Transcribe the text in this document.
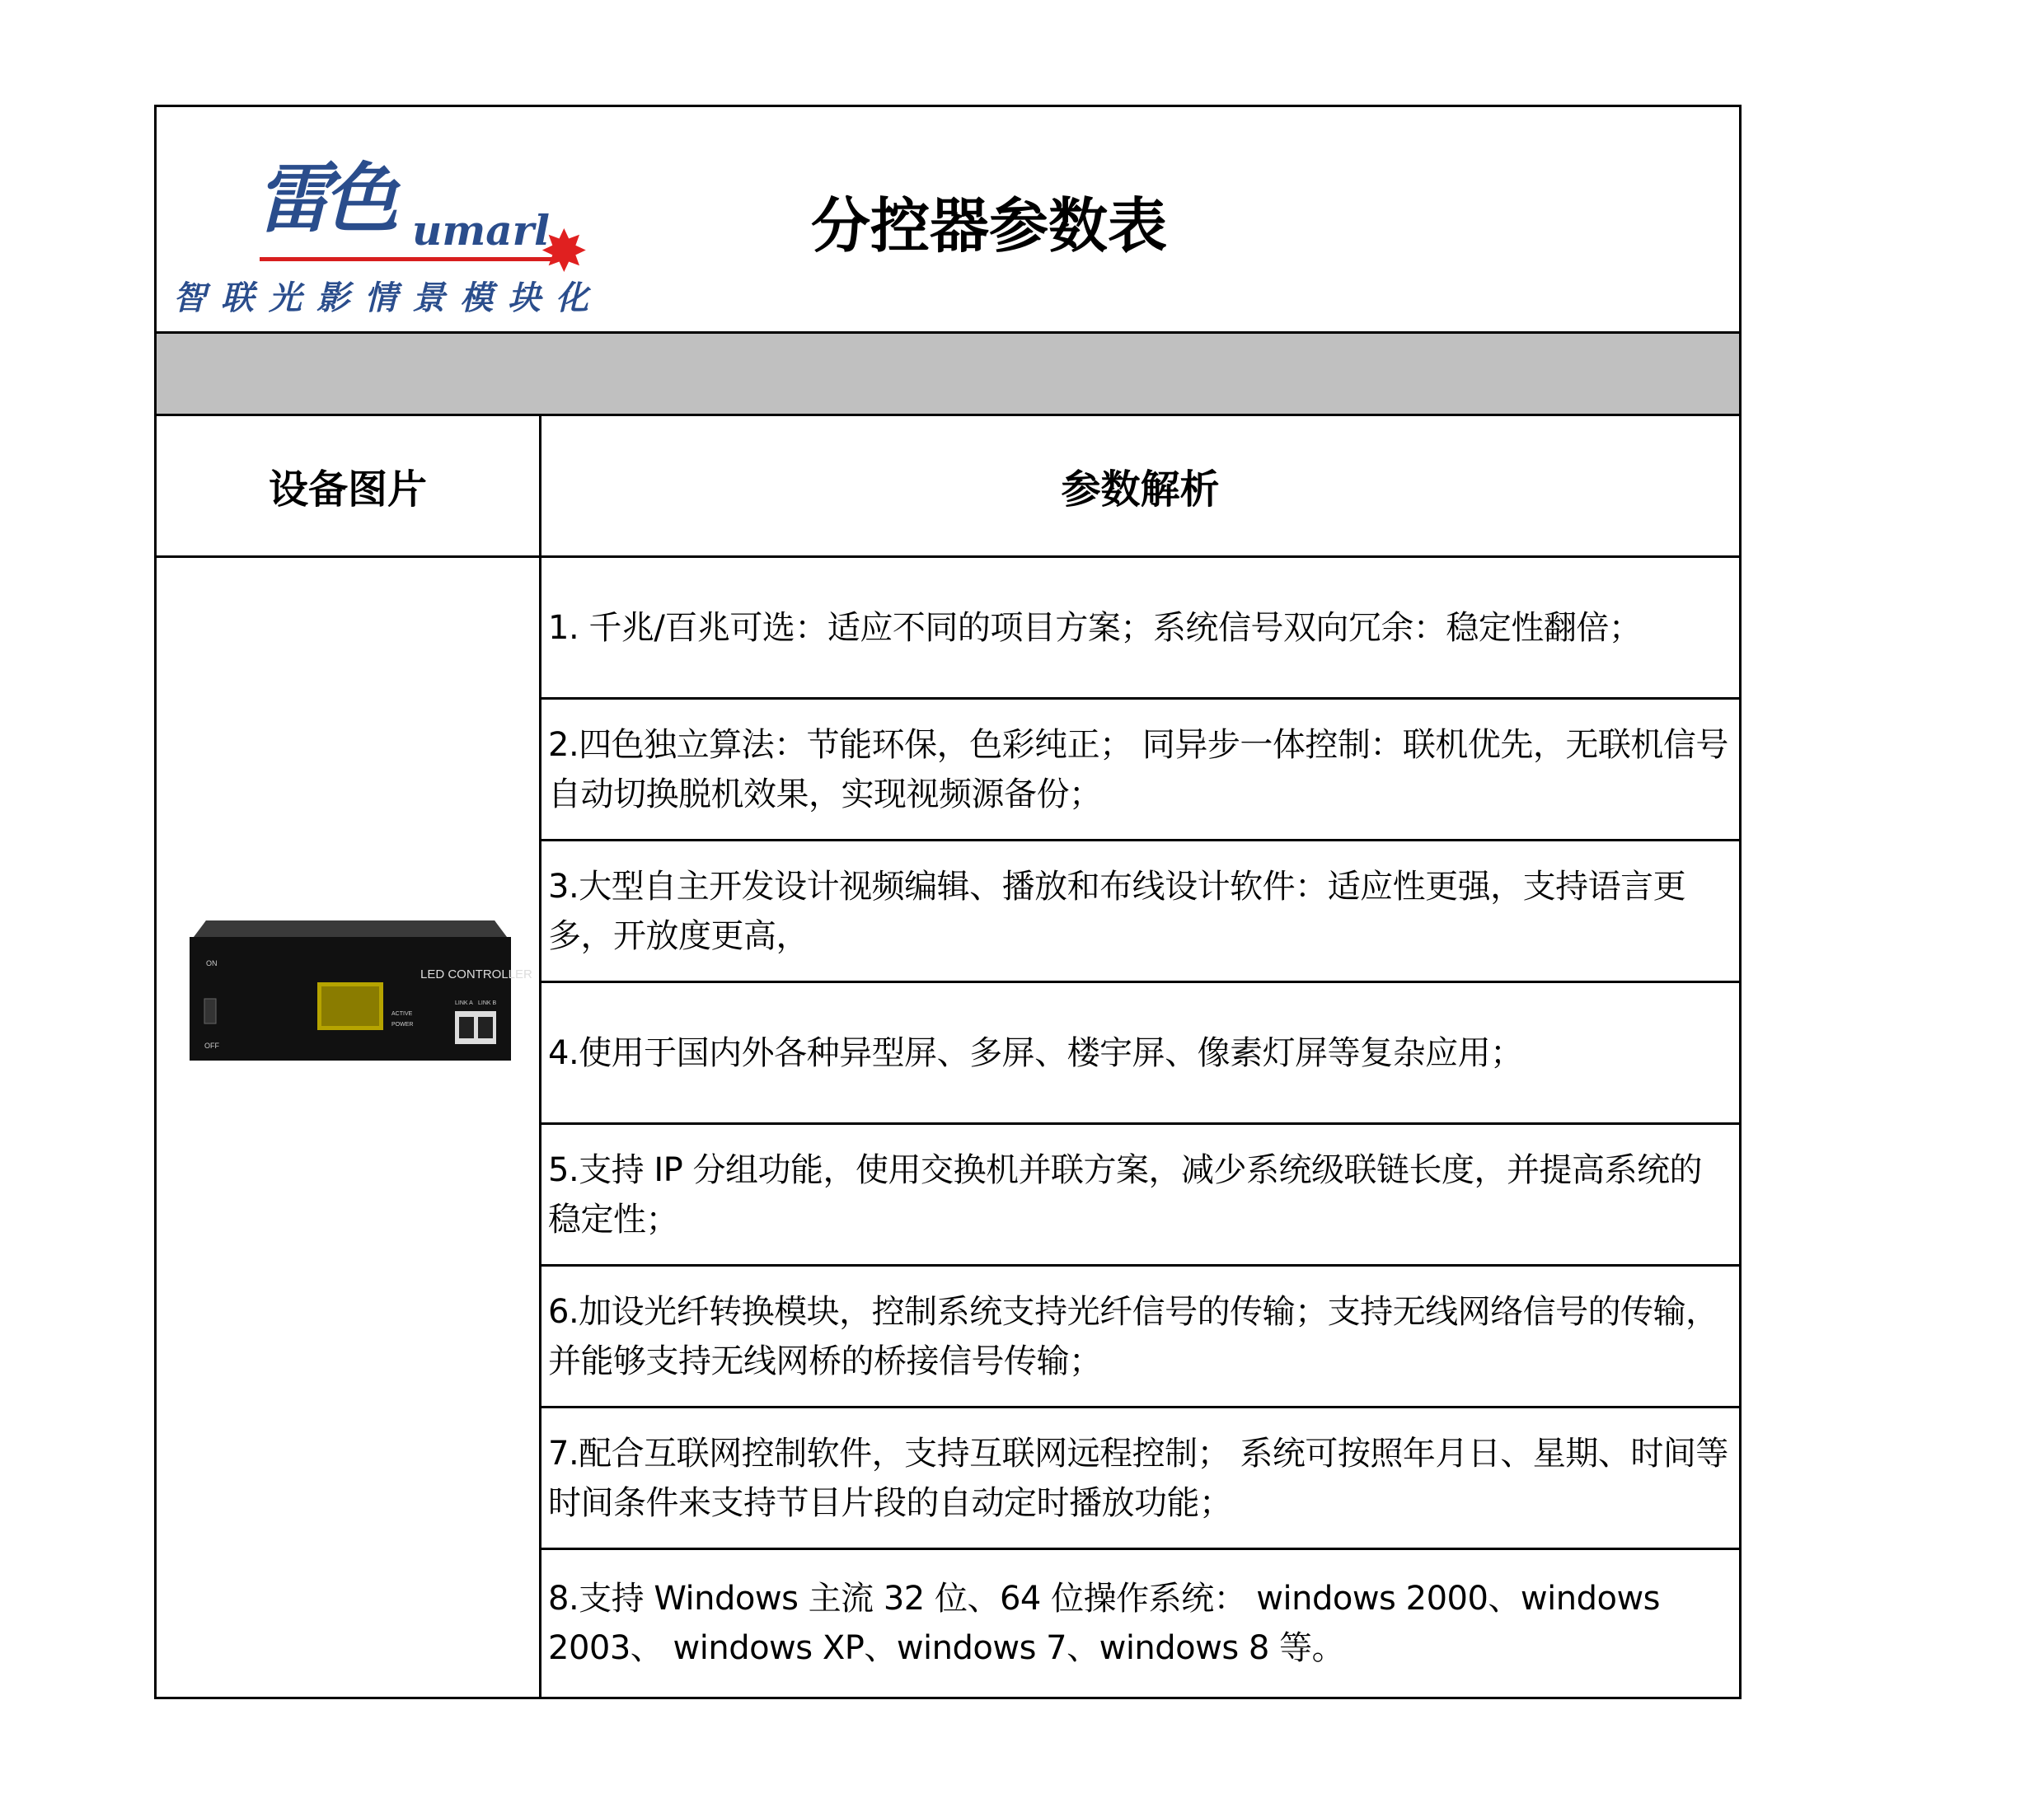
雷色 umarl
✸
智联光影情景模块化
分控器参数表
设备图片	参数解析
LED CONTROLLER
ON
OFF
ACTIVE
POWER
LINK A LINK B
1. 千兆/百兆可选：适应不同的项目方案；系统信号双向冗余：稳定性翻倍；
2.四色独立算法：节能环保，色彩纯正； 同异步一体控制：联机优先，无联机信号自动切换脱机效果，实现视频源备份；
3.大型自主开发设计视频编辑、播放和布线设计软件：适应性更强，支持语言更多，开放度更高，
4.使用于国内外各种异型屏、多屏、楼宇屏、像素灯屏等复杂应用；
5.支持 IP 分组功能，使用交换机并联方案，减少系统级联链长度，并提高系统的稳定性；
6.加设光纤转换模块，控制系统支持光纤信号的传输；支持无线网络信号的传输，并能够支持无线网桥的桥接信号传输；
7.配合互联网控制软件，支持互联网远程控制； 系统可按照年月日、星期、时间等时间条件来支持节目片段的自动定时播放功能；
8.支持 Windows 主流 32 位、64 位操作系统： windows 2000、windows 2003、 windows XP、windows 7、windows 8 等。
